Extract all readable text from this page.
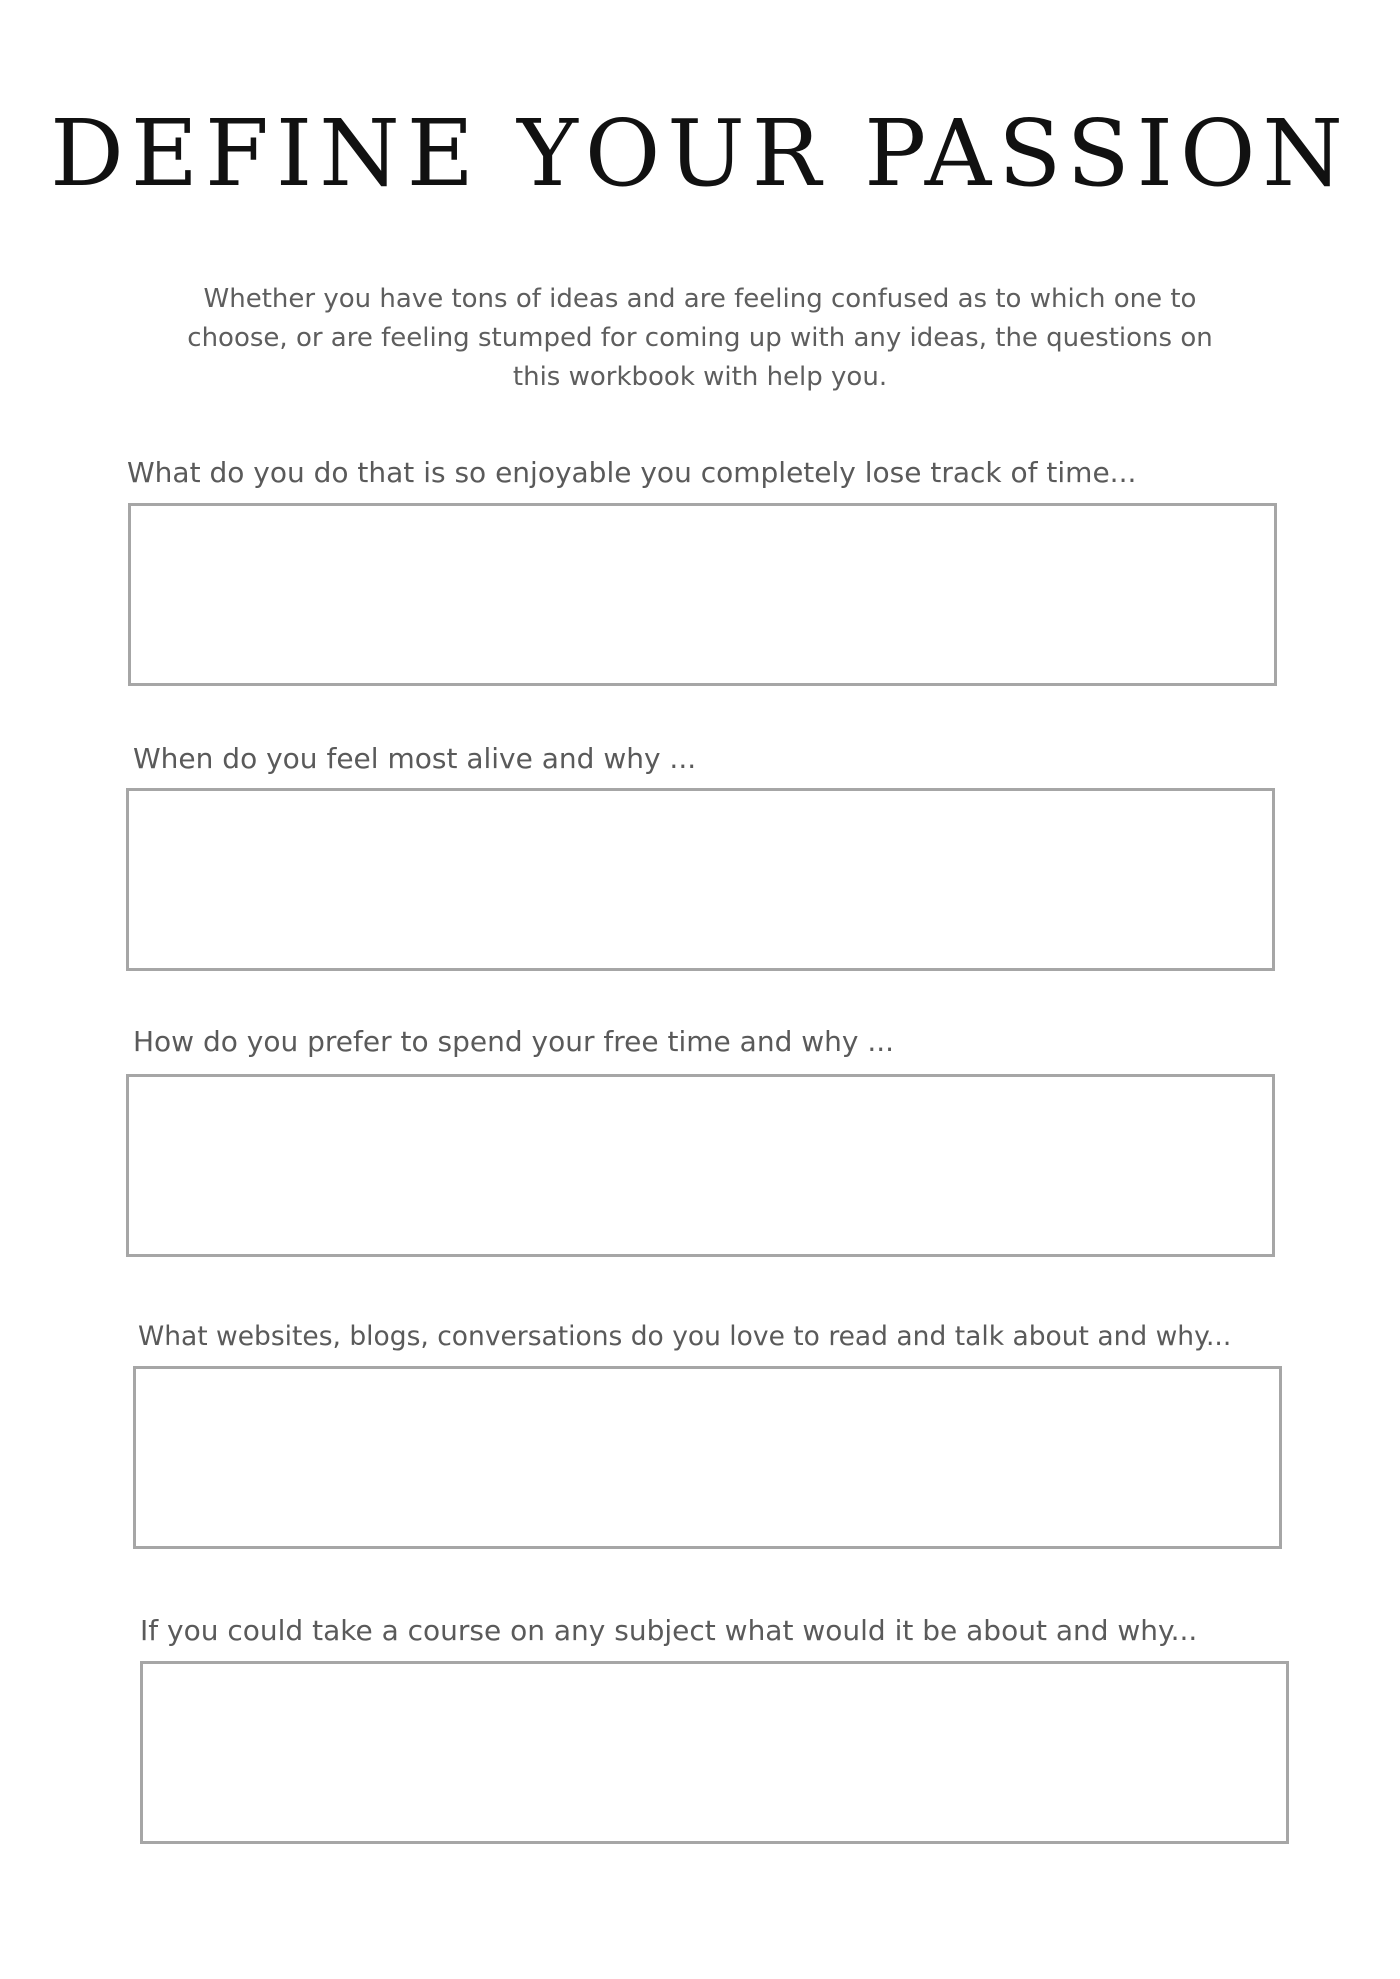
DEFINE YOUR PASSION
Whether you have tons of ideas and are feeling confused as to which one to
choose, or are feeling stumped for coming up with any ideas, the questions on
this workbook with help you.
What do you do that is so enjoyable you completely lose track of time...
When do you feel most alive and why ...
How do you prefer to spend your free time and why ...
What websites, blogs, conversations do you love to read and talk about and why...
If you could take a course on any subject what would it be about and why...
